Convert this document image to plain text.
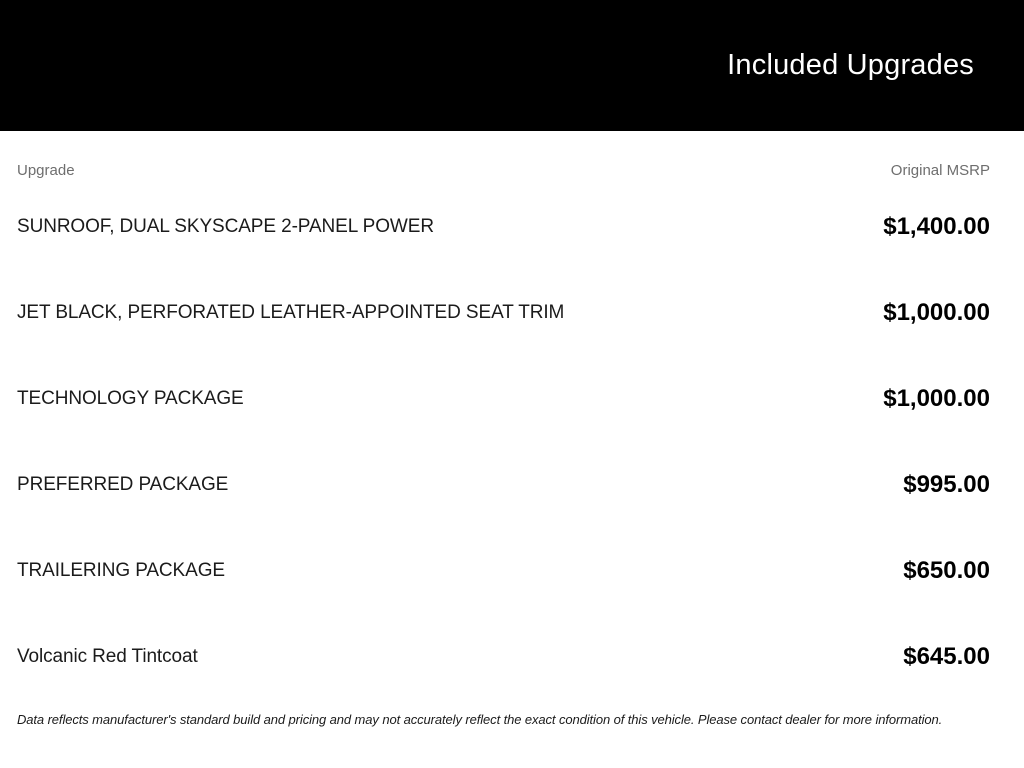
Included Upgrades
Upgrade	Original MSRP
SUNROOF, DUAL SKYSCAPE 2-PANEL POWER	$1,400.00
JET BLACK, PERFORATED LEATHER-APPOINTED SEAT TRIM	$1,000.00
TECHNOLOGY PACKAGE	$1,000.00
PREFERRED PACKAGE	$995.00
TRAILERING PACKAGE	$650.00
Volcanic Red Tintcoat	$645.00
Data reflects manufacturer's standard build and pricing and may not accurately reflect the exact condition of this vehicle. Please contact dealer for more information.
